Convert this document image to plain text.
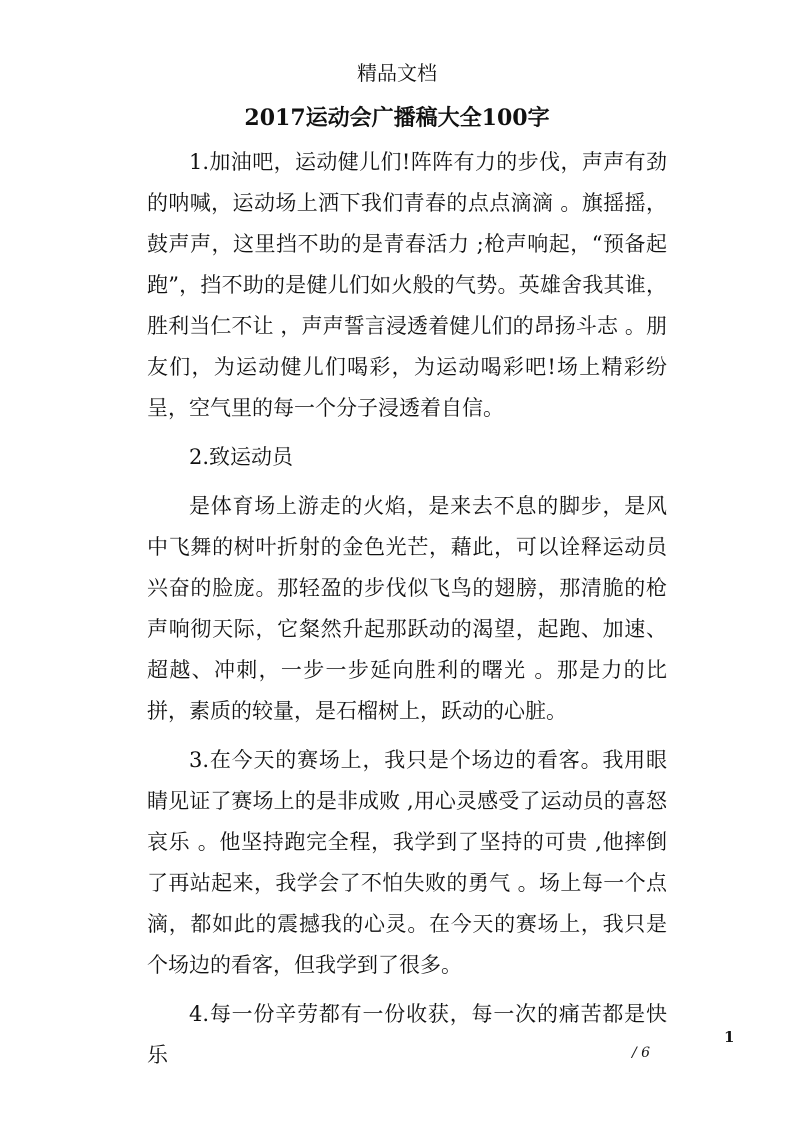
精品文档
2017运动会广播稿大全100字

1.加油吧，运动健儿们!阵阵有力的步伐，声声有劲的呐喊，运动场上洒下我们青春的点点滴滴 。旗摇摇，鼓声声，这里挡不助的是青春活力 ;枪声响起，“预备起跑”，挡不助的是健儿们如火般的气势。英雄舍我其谁，胜利当仁不让 ，声声誓言浸透着健儿们的昂扬斗志 。朋友们，为运动健儿们喝彩，为运动喝彩吧!场上精彩纷呈，空气里的每一个分子浸透着自信。

2.致运动员

是体育场上游走的火焰，是来去不息的脚步，是风中飞舞的树叶折射的金色光芒，藉此，可以诠释运动员兴奋的脸庞。那轻盈的步伐似飞鸟的翅膀，那清脆的枪声响彻天际，它粲然升起那跃动的渴望，起跑、加速、超越、冲刺，一步一步延向胜利的曙光 。那是力的比拼，素质的较量，是石榴树上，跃动的心脏。

3.在今天的赛场上，我只是个场边的看客。我用眼睛见证了赛场上的是非成败 ,用心灵感受了运动员的喜怒哀乐 。他坚持跑完全程，我学到了坚持的可贵 ,他摔倒了再站起来，我学会了不怕失败的勇气 。场上每一个点滴，都如此的震撼我的心灵。在今天的赛场上，我只是个场边的看客，但我学到了很多。

4.每一份辛劳都有一份收获，每一次的痛苦都是快乐

1
/ 6
